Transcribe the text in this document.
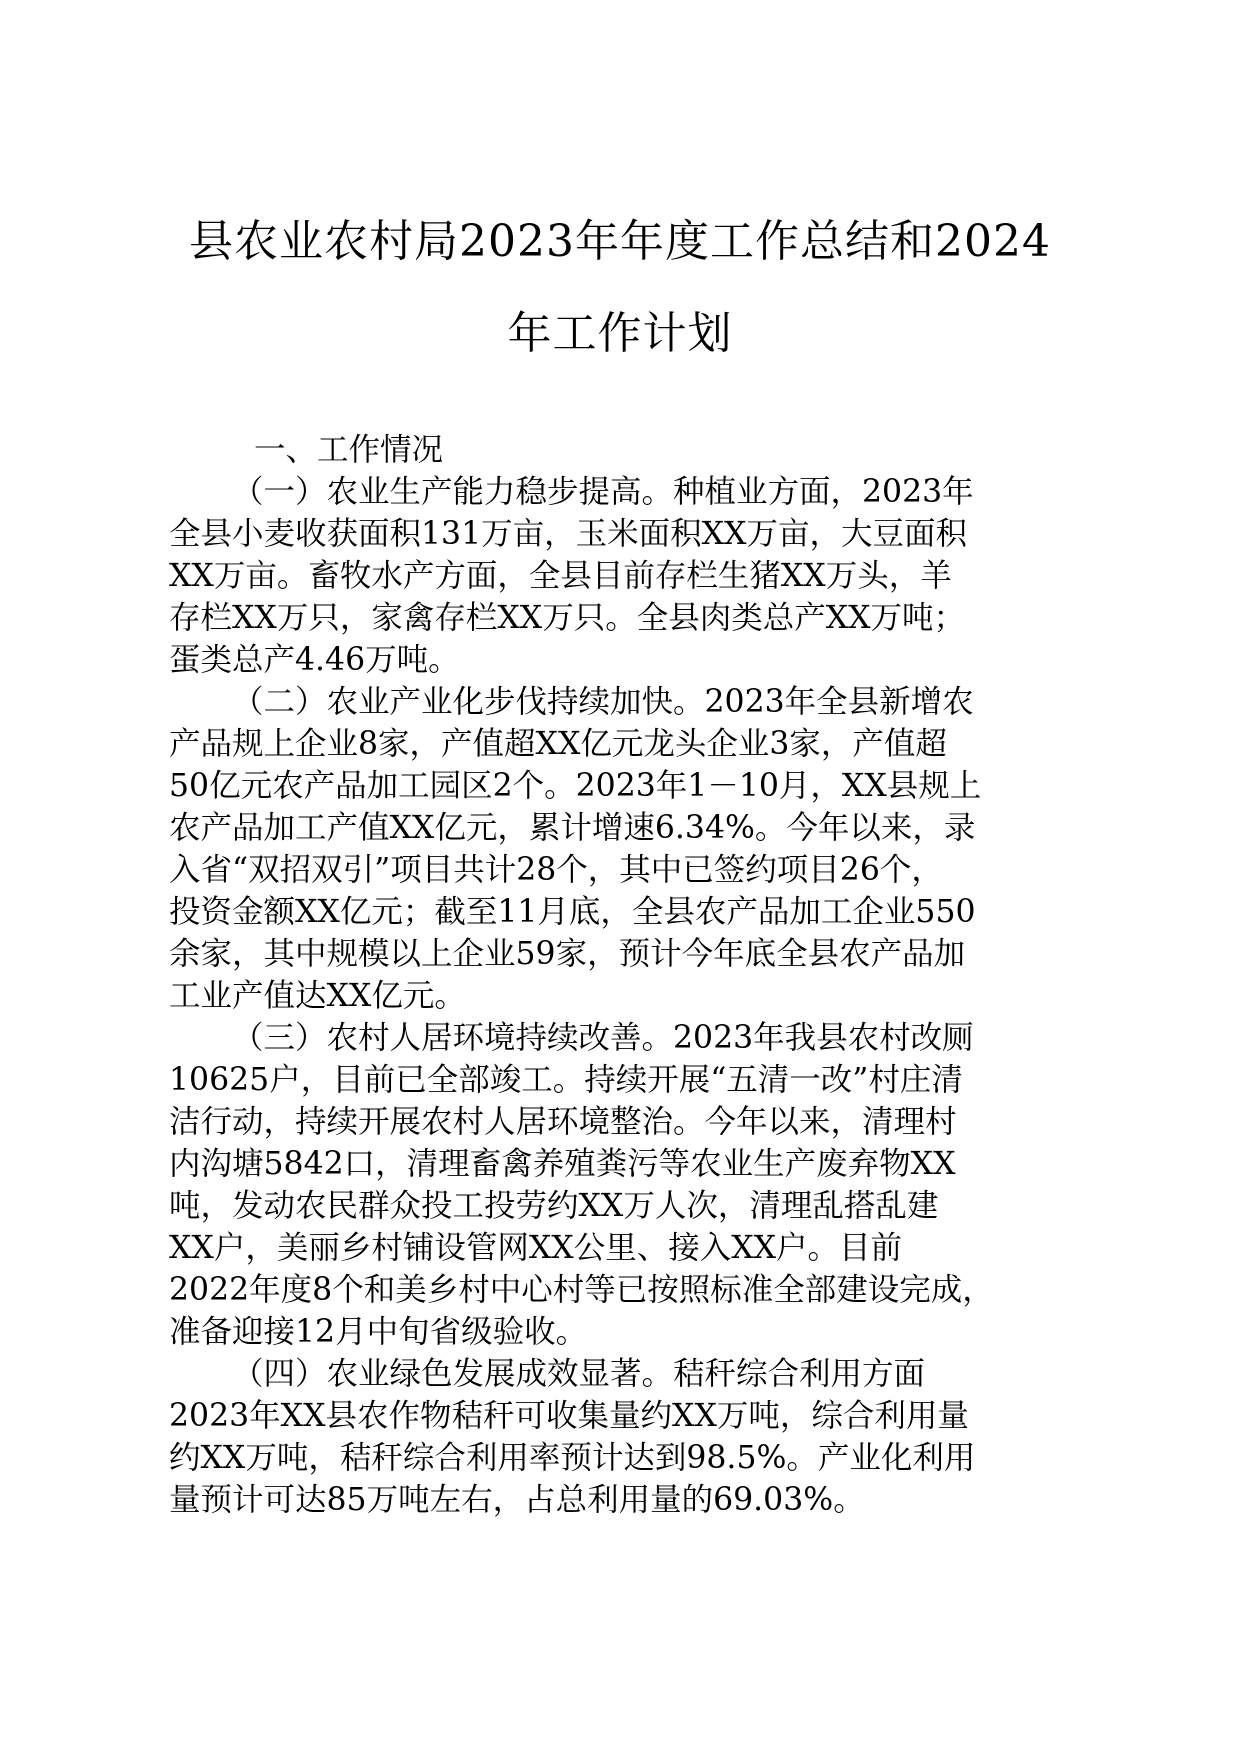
县农业农村局2023年年度工作总结和2024
年工作计划
一、工作情况
（一）农业生产能力稳步提高。种植业方面，2023年
全县小麦收获面积131万亩，玉米面积XX万亩，大豆面积
XX万亩。畜牧水产方面，全县目前存栏生猪XX万头，羊
存栏XX万只，家禽存栏XX万只。全县肉类总产XX万吨；
蛋类总产4.46万吨。
（二）农业产业化步伐持续加快。2023年全县新增农
产品规上企业8家，产值超XX亿元龙头企业3家，产值超
50亿元农产品加工园区2个。2023年1－10月，XX县规上
农产品加工产值XX亿元，累计增速6.34%。今年以来，录
入省“双招双引”项目共计28个，其中已签约项目26个，
投资金额XX亿元；截至11月底，全县农产品加工企业550
余家，其中规模以上企业59家，预计今年底全县农产品加
工业产值达XX亿元。
（三）农村人居环境持续改善。2023年我县农村改厕
10625户，目前已全部竣工。持续开展“五清一改”村庄清
洁行动，持续开展农村人居环境整治。今年以来，清理村
内沟塘5842口，清理畜禽养殖粪污等农业生产废弃物XX
吨，发动农民群众投工投劳约XX万人次，清理乱搭乱建
XX户，美丽乡村铺设管网XX公里、接入XX户。目前
2022年度8个和美乡村中心村等已按照标准全部建设完成，
准备迎接12月中旬省级验收。
（四）农业绿色发展成效显著。秸秆综合利用方面
2023年XX县农作物秸秆可收集量约XX万吨，综合利用量
约XX万吨，秸秆综合利用率预计达到98.5%。产业化利用
量预计可达85万吨左右，占总利用量的69.03%。
